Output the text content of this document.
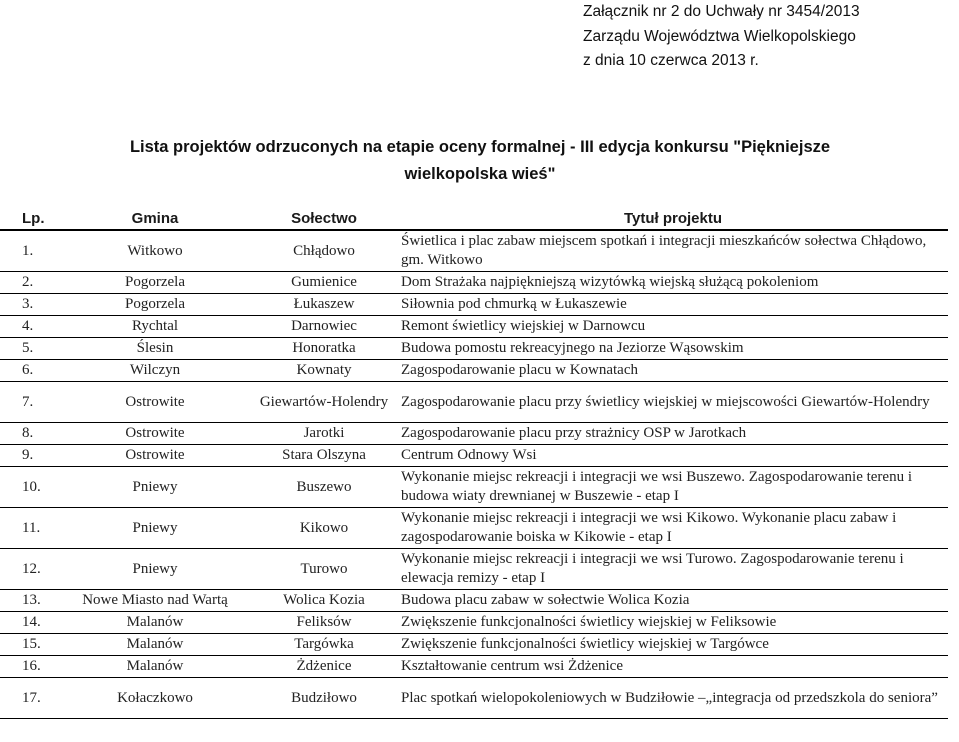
Załącznik nr 2 do Uchwały nr 3454/2013
Zarządu Województwa Wielkopolskiego
z dnia 10 czerwca 2013 r.
Lista projektów odrzuconych na etapie oceny formalnej - III edycja konkursu "Piękniejsze
wielkopolska wieś"
Lp.	Gmina	Sołectwo	Tytuł projektu
1.	Witkowo	Chłądowo	Świetlica i plac zabaw miejscem spotkań i integracji mieszkańców sołectwa Chłądowo, gm. Witkowo
2.	Pogorzela	Gumienice	Dom Strażaka najpiękniejszą wizytówką wiejską służącą pokoleniom
3.	Pogorzela	Łukaszew	Siłownia pod chmurką w Łukaszewie
4.	Rychtal	Darnowiec	Remont świetlicy wiejskiej w Darnowcu
5.	Ślesin	Honoratka	Budowa pomostu rekreacyjnego na Jeziorze Wąsowskim
6.	Wilczyn	Kownaty	Zagospodarowanie placu w Kownatach
7.	Ostrowite	Giewartów-Holendry	Zagospodarowanie placu przy świetlicy wiejskiej w miejscowości Giewartów-Holendry
8.	Ostrowite	Jarotki	Zagospodarowanie placu przy strażnicy OSP w Jarotkach
9.	Ostrowite	Stara Olszyna	Centrum Odnowy Wsi
10.	Pniewy	Buszewo	Wykonanie miejsc rekreacji i integracji we wsi Buszewo. Zagospodarowanie terenu i budowa wiaty drewnianej w Buszewie - etap I
11.	Pniewy	Kikowo	Wykonanie miejsc rekreacji i integracji we wsi Kikowo. Wykonanie placu zabaw i zagospodarowanie boiska w Kikowie - etap I
12.	Pniewy	Turowo	Wykonanie miejsc rekreacji i integracji we wsi Turowo. Zagospodarowanie terenu i elewacja remizy - etap I
13.	Nowe Miasto nad Wartą	Wolica Kozia	Budowa placu zabaw w sołectwie Wolica Kozia
14.	Malanów	Feliksów	Zwiększenie funkcjonalności świetlicy wiejskiej w Feliksowie
15.	Malanów	Targówka	Zwiększenie funkcjonalności świetlicy wiejskiej w Targówce
16.	Malanów	Żdżenice	Kształtowanie centrum wsi Żdżenice
17.	Kołaczkowo	Budziłowo	Plac spotkań wielopokoleniowych w Budziłowie –„integracja od przedszkola do seniora”
